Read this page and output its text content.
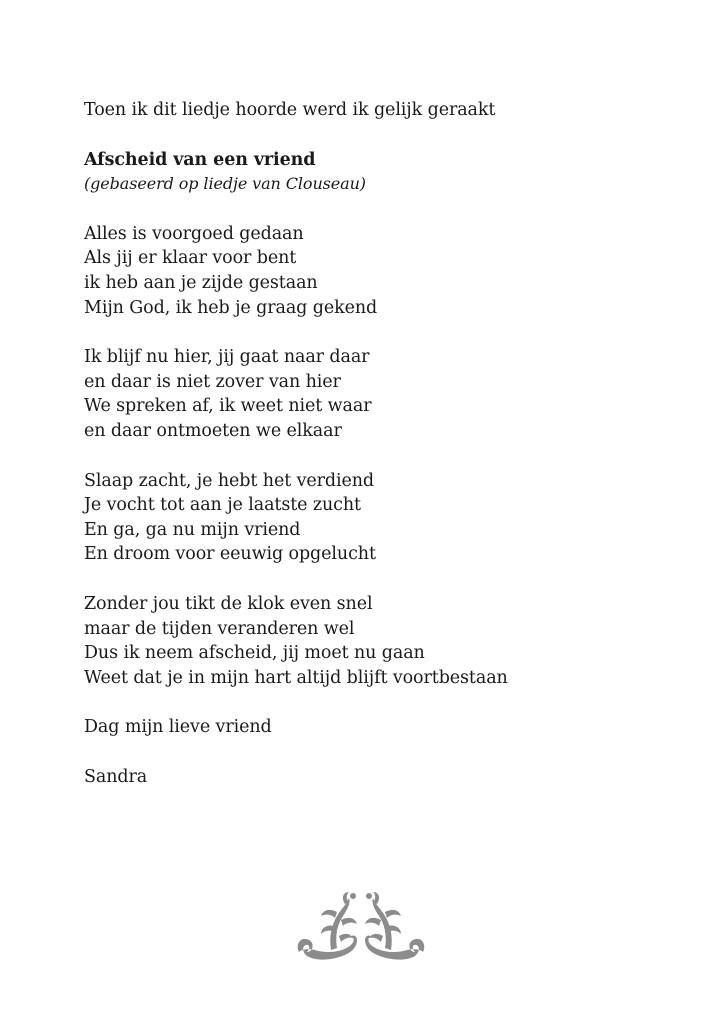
Toen ik dit liedje hoorde werd ik gelijk geraakt
Afscheid van een vriend
(gebaseerd op liedje van Clouseau)
Alles is voorgoed gedaan
Als jij er klaar voor bent
ik heb aan je zijde gestaan
Mijn God, ik heb je graag gekend
Ik blijf nu hier, jij gaat naar daar
en daar is niet zover van hier
We spreken af, ik weet niet waar
en daar ontmoeten we elkaar
Slaap zacht, je hebt het verdiend
Je vocht tot aan je laatste zucht
En ga, ga nu mijn vriend
En droom voor eeuwig opgelucht
Zonder jou tikt de klok even snel
maar de tijden veranderen wel
Dus ik neem afscheid, jij moet nu gaan
Weet dat je in mijn hart altijd blijft voortbestaan
Dag mijn lieve vriend
Sandra
